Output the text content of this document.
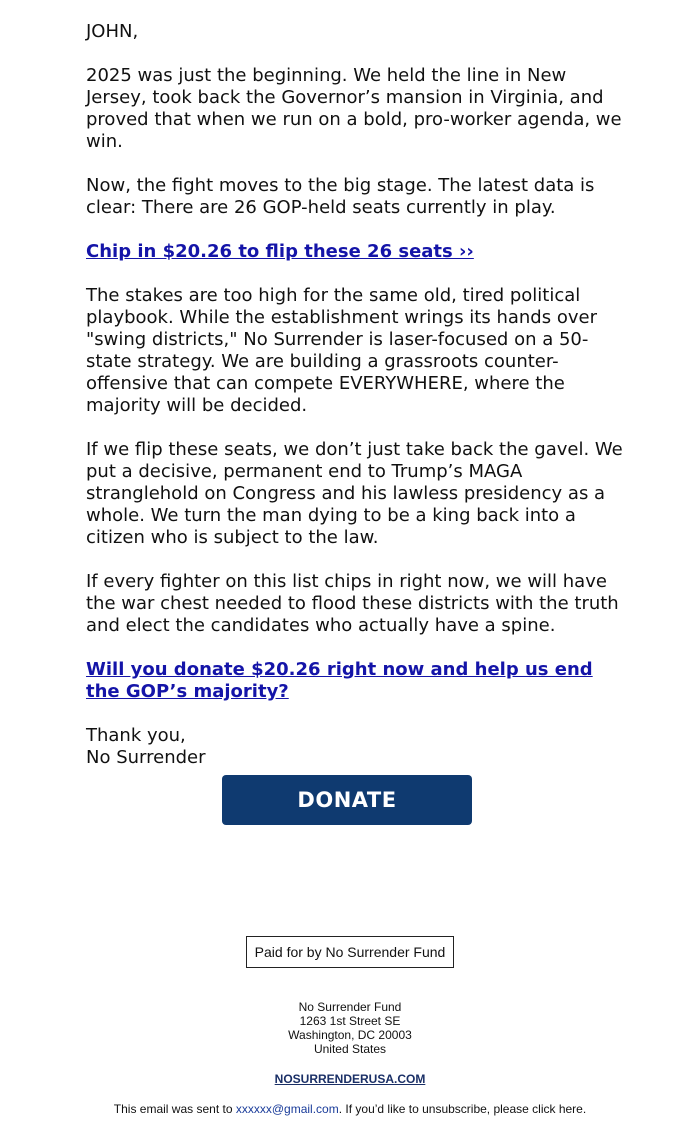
JOHN,

2025 was just the beginning. We held the line in New Jersey, took back the Governor’s mansion in Virginia, and proved that when we run on a bold, pro-worker agenda, we win.

Now, the fight moves to the big stage. The latest data is clear: There are 26 GOP-held seats currently in play.

Chip in $20.26 to flip these 26 seats ››

The stakes are too high for the same old, tired political playbook. While the establishment wrings its hands over "swing districts," No Surrender is laser-focused on a 50-state strategy. We are building a grassroots counter-offensive that can compete EVERYWHERE, where the majority will be decided.

If we flip these seats, we don’t just take back the gavel. We put a decisive, permanent end to Trump’s MAGA stranglehold on Congress and his lawless presidency as a whole. We turn the man dying to be a king back into a citizen who is subject to the law.

If every fighter on this list chips in right now, we will have the war chest needed to flood these districts with the truth and elect the candidates who actually have a spine.

Will you donate $20.26 right now and help us end the GOP’s majority?

Thank you,
No Surrender

DONATE
Paid for by No Surrender Fund
No Surrender Fund
1263 1st Street SE
Washington, DC 20003
United States
NOSURRENDERUSA.COM
This email was sent to xxxxxx@gmail.com. If you’d like to unsubscribe, please click here.
